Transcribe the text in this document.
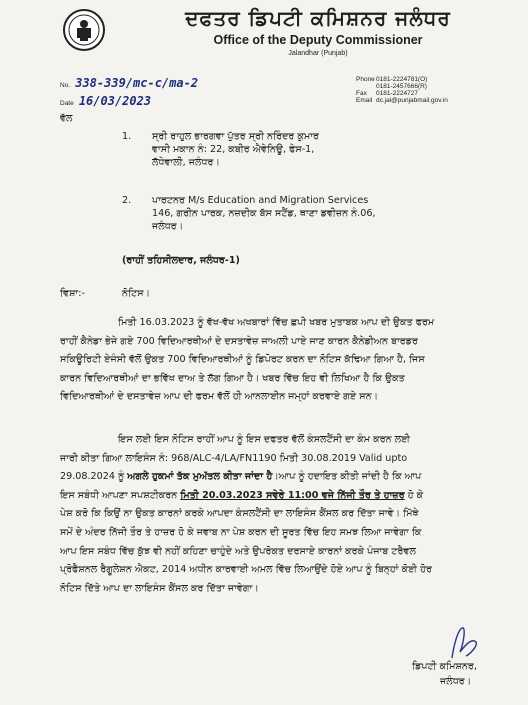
ਦਫਤਰ ਡਿਪਟੀ ਕਮਿਸ਼ਨਰ ਜਲੰਧਰ
Office of the Deputy Commissioner
Jalandhar (Punjab)
Phone0181-2224781(O)
0181-2457666(R)
Fax 0181-2224727
Email dc.jal@punjabmail.gov.in
No. 338-339/mc-c/ma-2
Date 16/03/2023
ਵੱਲ
1. ਸ੍ਰੀ ਰਾਹੁਲ ਭਾਰਗਵਾ ਪੁੱਤਰ ਸ੍ਰੀ ਨਰਿੰਦਰ ਕੁਮਾਰ
ਵਾਸੀ ਮਕਾਨ ਨੰ: 22, ਕਬੀਰ ਐਵੇਨਿਊ, ਫੇਸ-1,
ਲੱਧੇਵਾਲੀ, ਜਲੰਧਰ।
2. ਪਾਰਟਨਰ M/s Education and Migration Services
146, ਗਰੀਨ ਪਾਰਕ, ਨਜ਼ਦੀਕ ਬੱਸ ਸਟੈਂਡ, ਥਾਣਾ ਡਵੀਜ਼ਨ ਨੰ.06,
ਜਲੰਧਰ।
(ਰਾਹੀਂ ਤਹਿਸੀਲਦਾਰ, ਜਲੰਧਰ-1)
ਵਿਸ਼ਾ:-	ਨੋਟਿਸ।
ਮਿਤੀ 16.03.2023 ਨੂੰ ਵੱਖ-ਵੱਖ ਅਖਬਾਰਾਂ ਵਿੱਚ ਛਪੀ ਖਬਰ ਮੁਤਾਬਕ ਆਪ ਦੀ ਉਕਤ ਫਰਮ
ਰਾਹੀਂ ਕੈਨੇਡਾ ਭੇਜੇ ਗਏ 700 ਵਿਦਿਆਰਥੀਆਂ ਦੇ ਦਸਤਾਵੇਜ਼ ਜਾਅਲੀ ਪਾਏ ਜਾਣ ਕਾਰਨ ਕੈਨੇਡੀਅਨ ਬਾਰਡਰ
ਸਕਿਊਰਿਟੀ ਏਜੰਸੀ ਵੱਲੋਂ ਉਕਤ 700 ਵਿਦਿਆਰਥੀਆਂ ਨੂੰ ਡਿਪੋਰਟ ਕਰਨ ਦਾ ਨੋਟਿਸ ਕੱਢਿਆ ਗਿਆ ਹੈ, ਜਿਸ
ਕਾਰਨ ਵਿਦਿਆਰਥੀਆਂ ਦਾ ਭਵਿੱਖ ਦਾਅ ਤੇ ਲੱਗ ਗਿਆ ਹੈ। ਖਬਰ ਵਿੱਚ ਇਹ ਵੀ ਲਿਖਿਆ ਹੈ ਕਿ ਉਕਤ
ਵਿਦਿਆਰਥੀਆਂ ਦੇ ਦਸਤਾਵੇਜ਼ ਆਪ ਦੀ ਫਰਮ ਵੱਲੋਂ ਹੀ ਆਨਲਾਈਨ ਜਮ੍ਹਾਂ ਕਰਵਾਏ ਗਏ ਸਨ।
ਇਸ ਲਈ ਇਸ ਨੋਟਿਸ ਰਾਹੀਂ ਆਪ ਨੂੰ ਇਸ ਦਫਤਰ ਵੱਲੋਂ ਕੰਸਲਟੈਂਸੀ ਦਾ ਕੰਮ ਕਰਨ ਲਈ
ਜਾਰੀ ਕੀਤਾ ਗਿਆ ਲਾਇਸੰਸ ਨੰ: 968/ALC-4/LA/FN1190 ਮਿਤੀ 30.08.2019 Valid upto
29.08.2024 ਨੂੰ ਅਗਲੇ ਹੁਕਮਾਂ ਤੱਕ ਮੁਅੱਤਲ ਕੀਤਾ ਜਾਂਦਾ ਹੈ।ਆਪ ਨੂੰ ਹਦਾਇਤ ਕੀਤੀ ਜਾਂਦੀ ਹੈ ਕਿ ਆਪ
ਇਸ ਸਬੰਧੀ ਆਪਣਾ ਸਪਸ਼ਟੀਕਰਨ ਮਿਤੀ 20.03.2023 ਸਵੇਰੇ 11:00 ਵਜੇ ਨਿੱਜੀ ਤੌਰ ਤੇ ਹਾਜ਼ਰ ਹੋ ਕੇ
ਪੇਸ਼ ਕਰੋ ਕਿ ਕਿਉਂ ਨਾ ਉਕਤ ਕਾਰਨਾਂ ਕਰਕੇ ਆਪਦਾ ਕੰਸਲਟੈਂਸੀ ਦਾ ਲਾਇਸੰਸ ਕੈਂਸਲ ਕਰ ਦਿੱਤਾ ਜਾਵੇ। ਮਿੱਥੇ
ਸਮੇਂ ਦੇ ਅੰਦਰ ਨਿੱਜੀ ਤੌਰ ਤੇ ਹਾਜ਼ਰ ਹੋ ਕੇ ਜਵਾਬ ਨਾ ਪੇਸ਼ ਕਰਨ ਦੀ ਸੂਰਤ ਵਿੱਚ ਇਹ ਸਮਝ ਲਿਆ ਜਾਵੇਗਾ ਕਿ
ਆਪ ਇਸ ਸਬੰਧ ਵਿੱਚ ਕੁੱਝ ਵੀ ਨਹੀਂ ਕਹਿਣਾ ਚਾਹੁੰਦੇ ਅਤੇ ਉਪਰੋਕਤ ਦਰਸਾਏ ਕਾਰਨਾਂ ਕਰਕੇ ਪੰਜਾਬ ਟਰੈਵਲ
ਪ੍ਰੋਫੈਸ਼ਨਲ ਰੈਗੂਲੇਸ਼ਨ ਐਕਟ, 2014 ਅਧੀਨ ਕਾਰਵਾਈ ਅਮਲ ਵਿੱਚ ਲਿਆਉਂਦੇ ਹੋਏ ਆਪ ਨੂੰ ਬਿਨ੍ਹਾਂ ਕੋਈ ਹੋਰ
ਨੋਟਿਸ ਦਿੱਤੇ ਆਪ ਦਾ ਲਾਇਸੰਸ ਕੈਂਸਲ ਕਰ ਦਿੱਤਾ ਜਾਵੇਗਾ।
ਡਿਪਟੀ ਕਮਿਸ਼ਨਰ,
ਜਲੰਧਰ।
